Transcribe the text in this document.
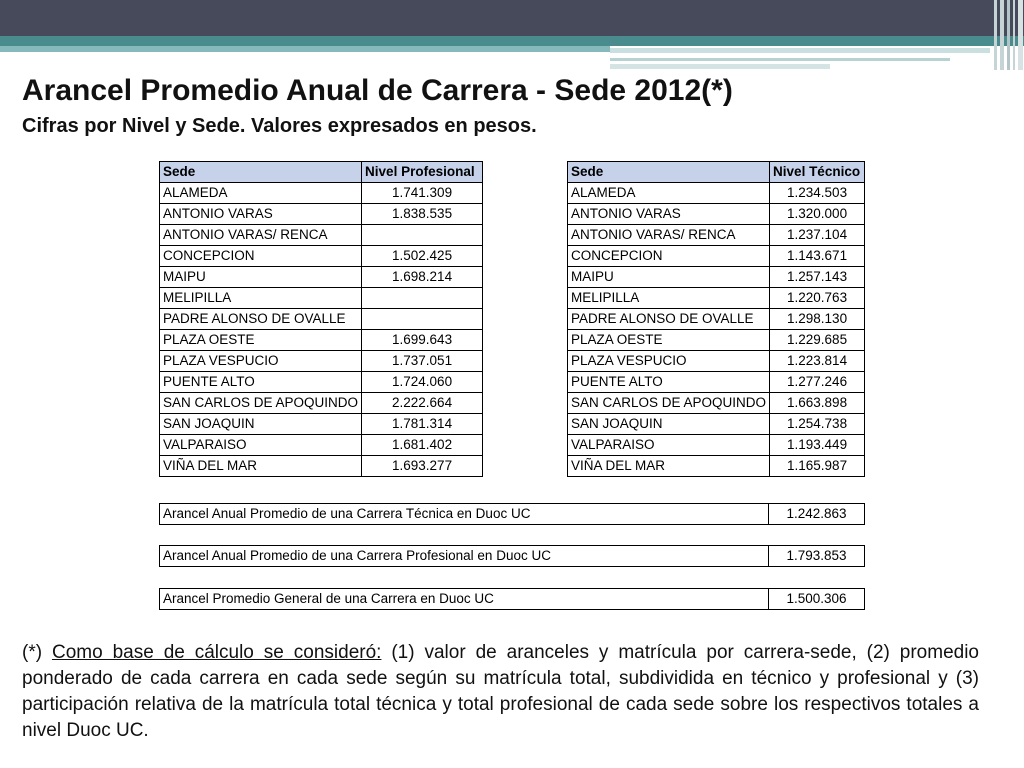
Arancel Promedio Anual de Carrera - Sede 2012(*)
Cifras por Nivel y Sede. Valores expresados en pesos.
Sede	Nivel Profesional
ALAMEDA	1.741.309
ANTONIO VARAS	1.838.535
ANTONIO VARAS/ RENCA	
CONCEPCION	1.502.425
MAIPU	1.698.214
MELIPILLA	
PADRE ALONSO DE OVALLE	
PLAZA OESTE	1.699.643
PLAZA VESPUCIO	1.737.051
PUENTE ALTO	1.724.060
SAN CARLOS DE APOQUINDO	2.222.664
SAN JOAQUIN	1.781.314
VALPARAISO	1.681.402
VIÑA DEL MAR	1.693.277
Sede	Nivel Técnico
ALAMEDA	1.234.503
ANTONIO VARAS	1.320.000
ANTONIO VARAS/ RENCA	1.237.104
CONCEPCION	1.143.671
MAIPU	1.257.143
MELIPILLA	1.220.763
PADRE ALONSO DE OVALLE	1.298.130
PLAZA OESTE	1.229.685
PLAZA VESPUCIO	1.223.814
PUENTE ALTO	1.277.246
SAN CARLOS DE APOQUINDO	1.663.898
SAN JOAQUIN	1.254.738
VALPARAISO	1.193.449
VIÑA DEL MAR	1.165.987
Arancel Anual Promedio de una Carrera Técnica en Duoc UC	1.242.863
Arancel Anual Promedio de una Carrera Profesional en Duoc UC	1.793.853
Arancel Promedio General de una Carrera en Duoc UC	1.500.306
(*) Como base de cálculo se consideró: (1) valor de aranceles y matrícula por carrera-sede, (2) promedio ponderado de cada carrera en cada sede según su matrícula total, subdividida en técnico y profesional y (3) participación relativa de la matrícula total técnica y total profesional de cada sede sobre los respectivos totales a nivel Duoc UC.
